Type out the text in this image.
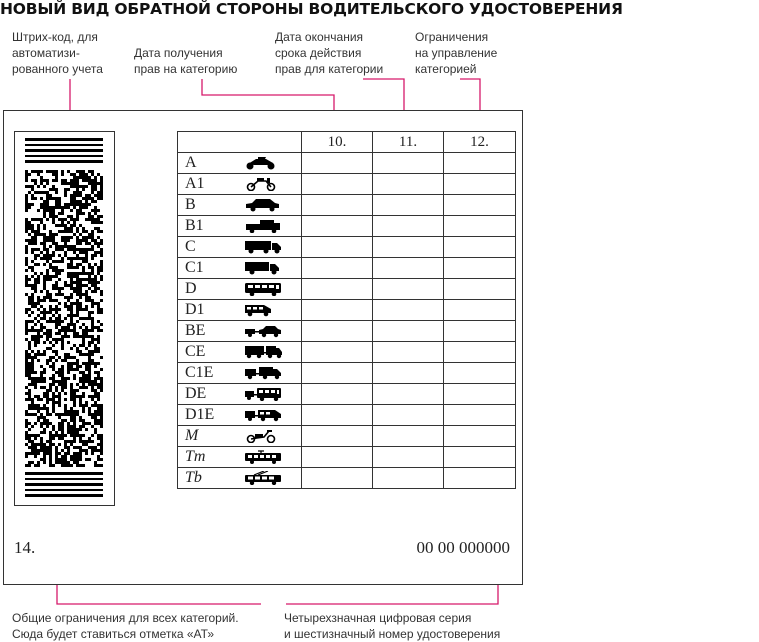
НОВЫЙ ВИД ОБРАТНОЙ СТОРОНЫ ВОДИТЕЛЬСКОГО УДОСТОВЕРЕНИЯ
Штрих-код, для
автоматизи-
рованного учета
Дата получения
прав на категорию
Дата окончания
срока действия
прав для категории
Ограничения
на управление
категорией
Общие ограничения для всех категорий.
Сюда будет ставиться отметка «АТ»
Четырехзначная цифровая серия
и шестизначный номер удостоверения
	10.	11.	12.

A			

A1			

B			

B1			

C			

C1			

D			

D1			

BE			

CE			

C1E			

DE			

D1E			

M			

Tm			

Tb			

14.	00 00 000000
